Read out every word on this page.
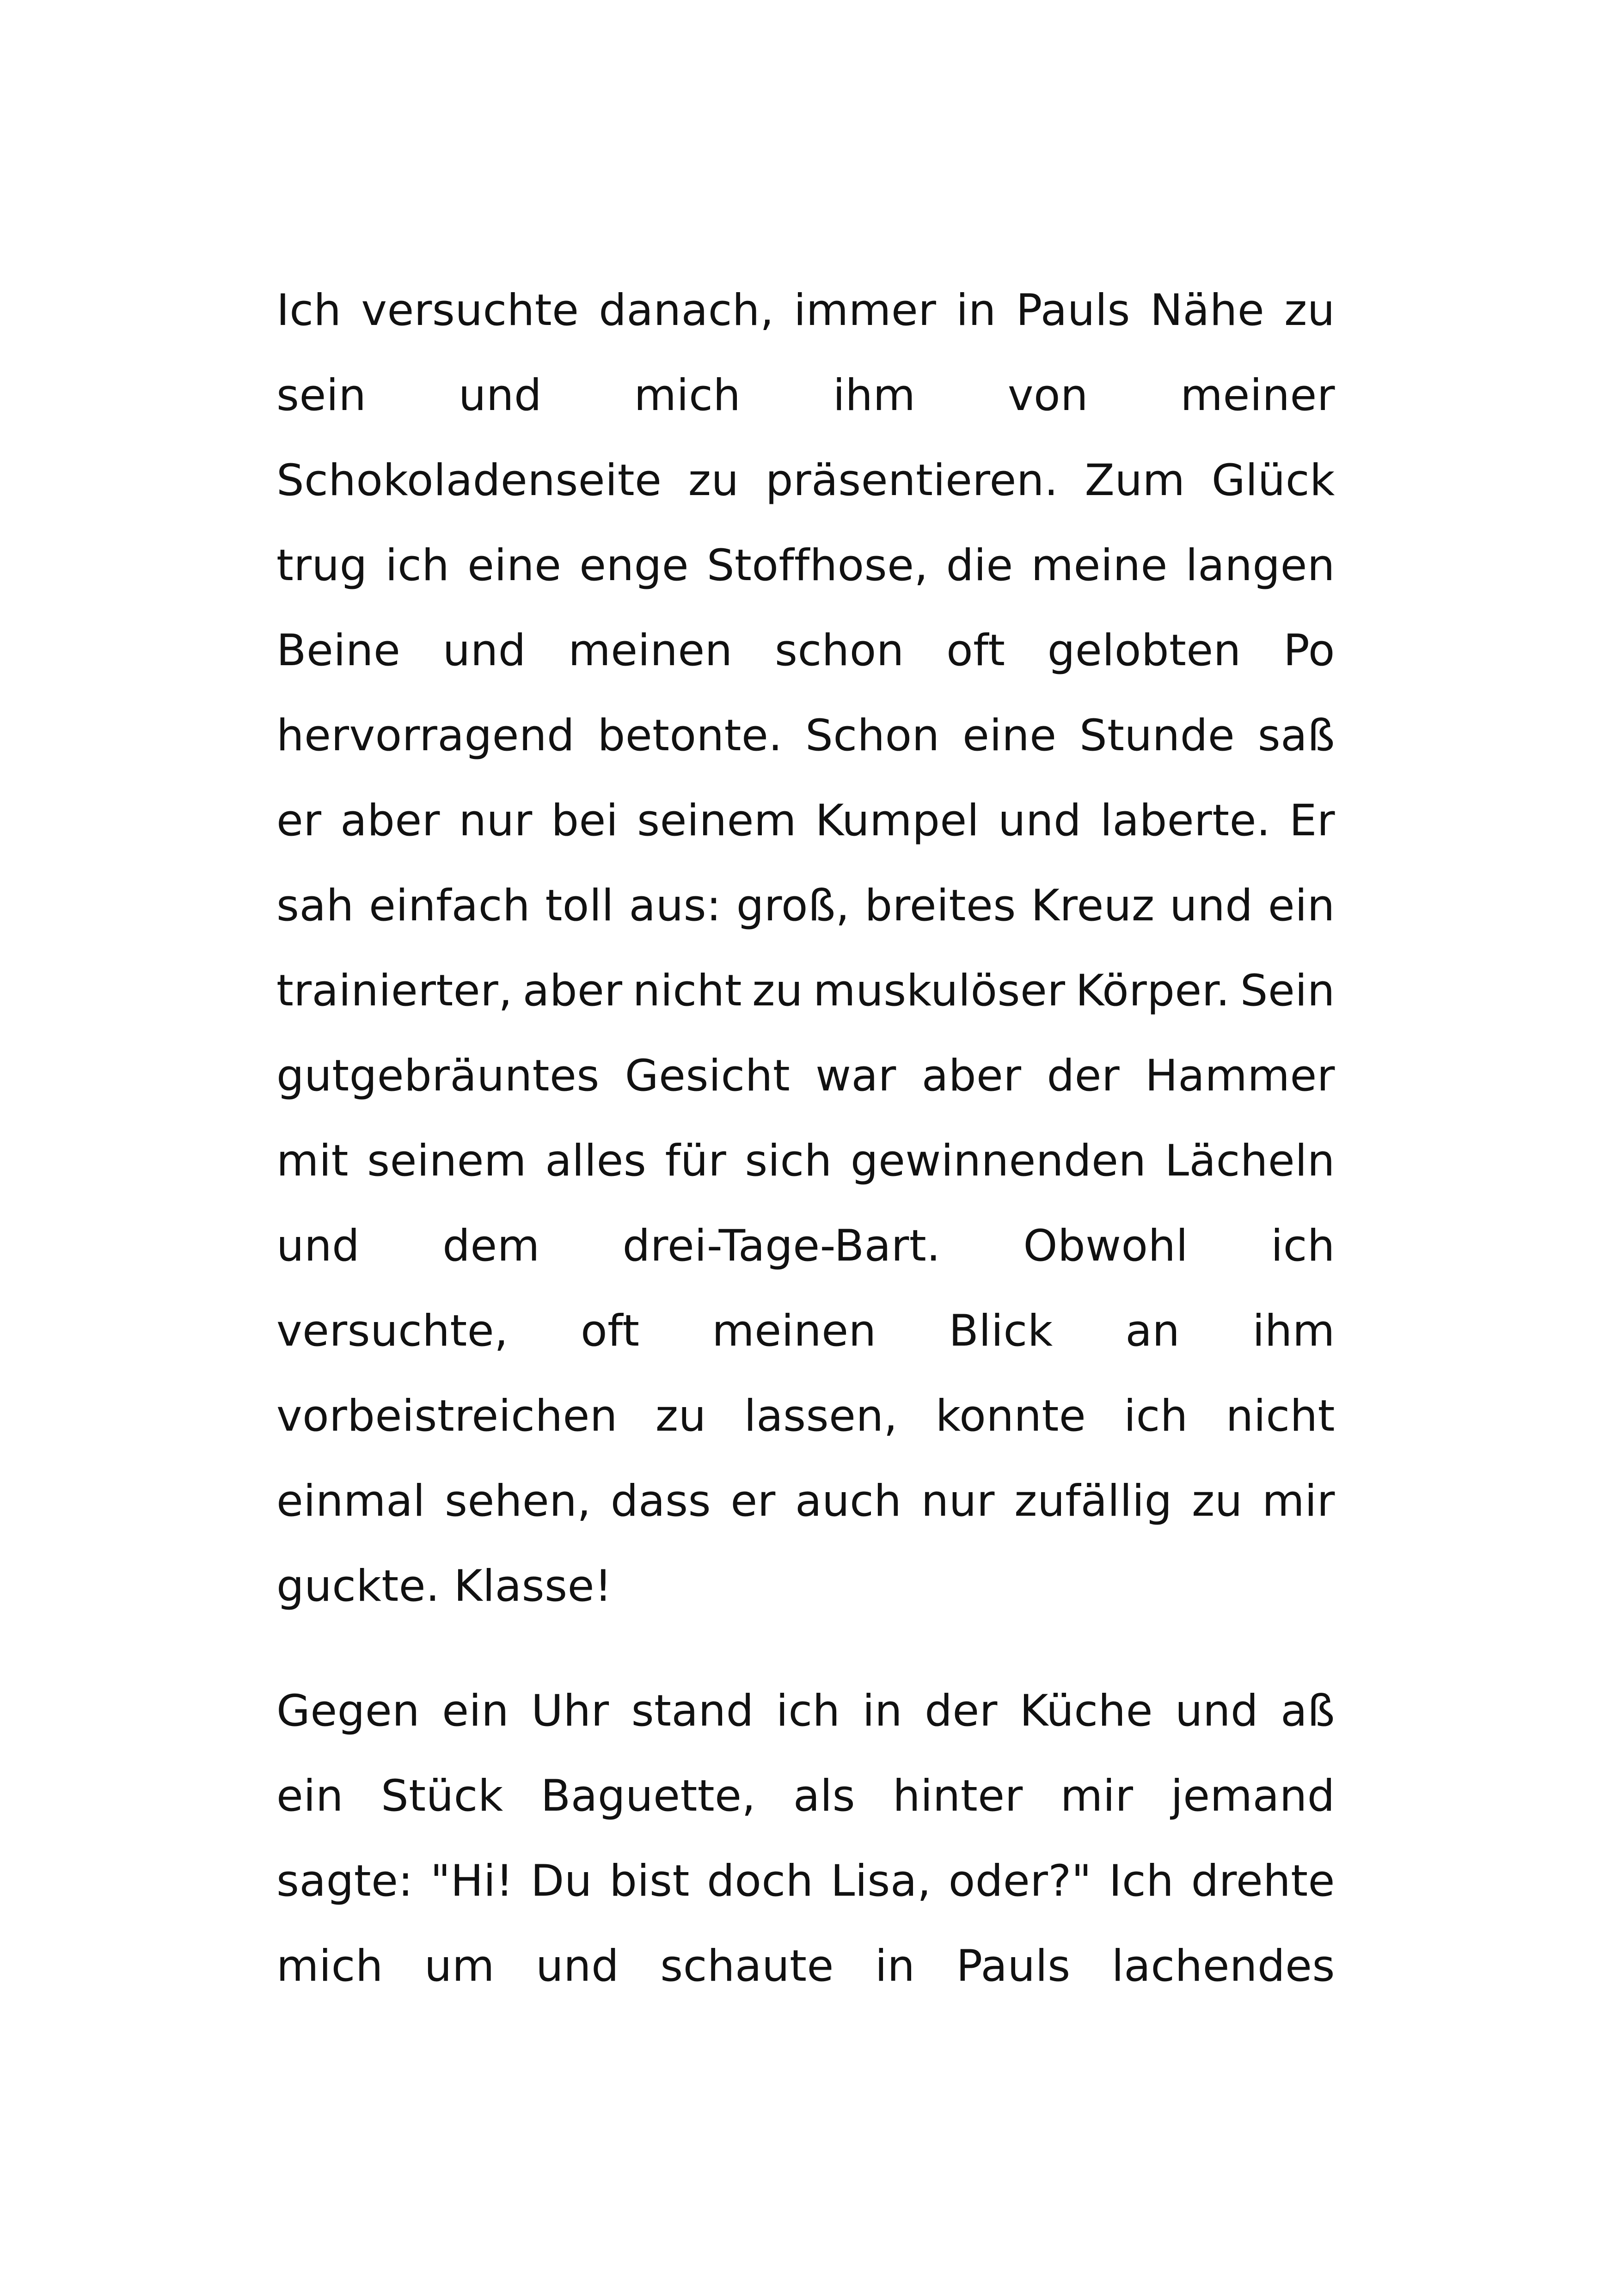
Ich versuchte danach, immer in Pauls Nähe zu
sein und mich ihm von meiner
Schokoladenseite zu präsentieren. Zum Glück
trug ich eine enge Stoffhose, die meine langen
Beine und meinen schon oft gelobten Po
hervorragend betonte. Schon eine Stunde saß
er aber nur bei seinem Kumpel und laberte. Er
sah einfach toll aus: groß, breites Kreuz und ein
trainierter, aber nicht zu muskulöser Körper. Sein
gutgebräuntes Gesicht war aber der Hammer
mit seinem alles für sich gewinnenden Lächeln
und dem drei-Tage-Bart. Obwohl ich
versuchte, oft meinen Blick an ihm
vorbeistreichen zu lassen, konnte ich nicht
einmal sehen, dass er auch nur zufällig zu mir
guckte. Klasse!
Gegen ein Uhr stand ich in der Küche und aß
ein Stück Baguette, als hinter mir jemand
sagte: "Hi! Du bist doch Lisa, oder?" Ich drehte
mich um und schaute in Pauls lachendes
